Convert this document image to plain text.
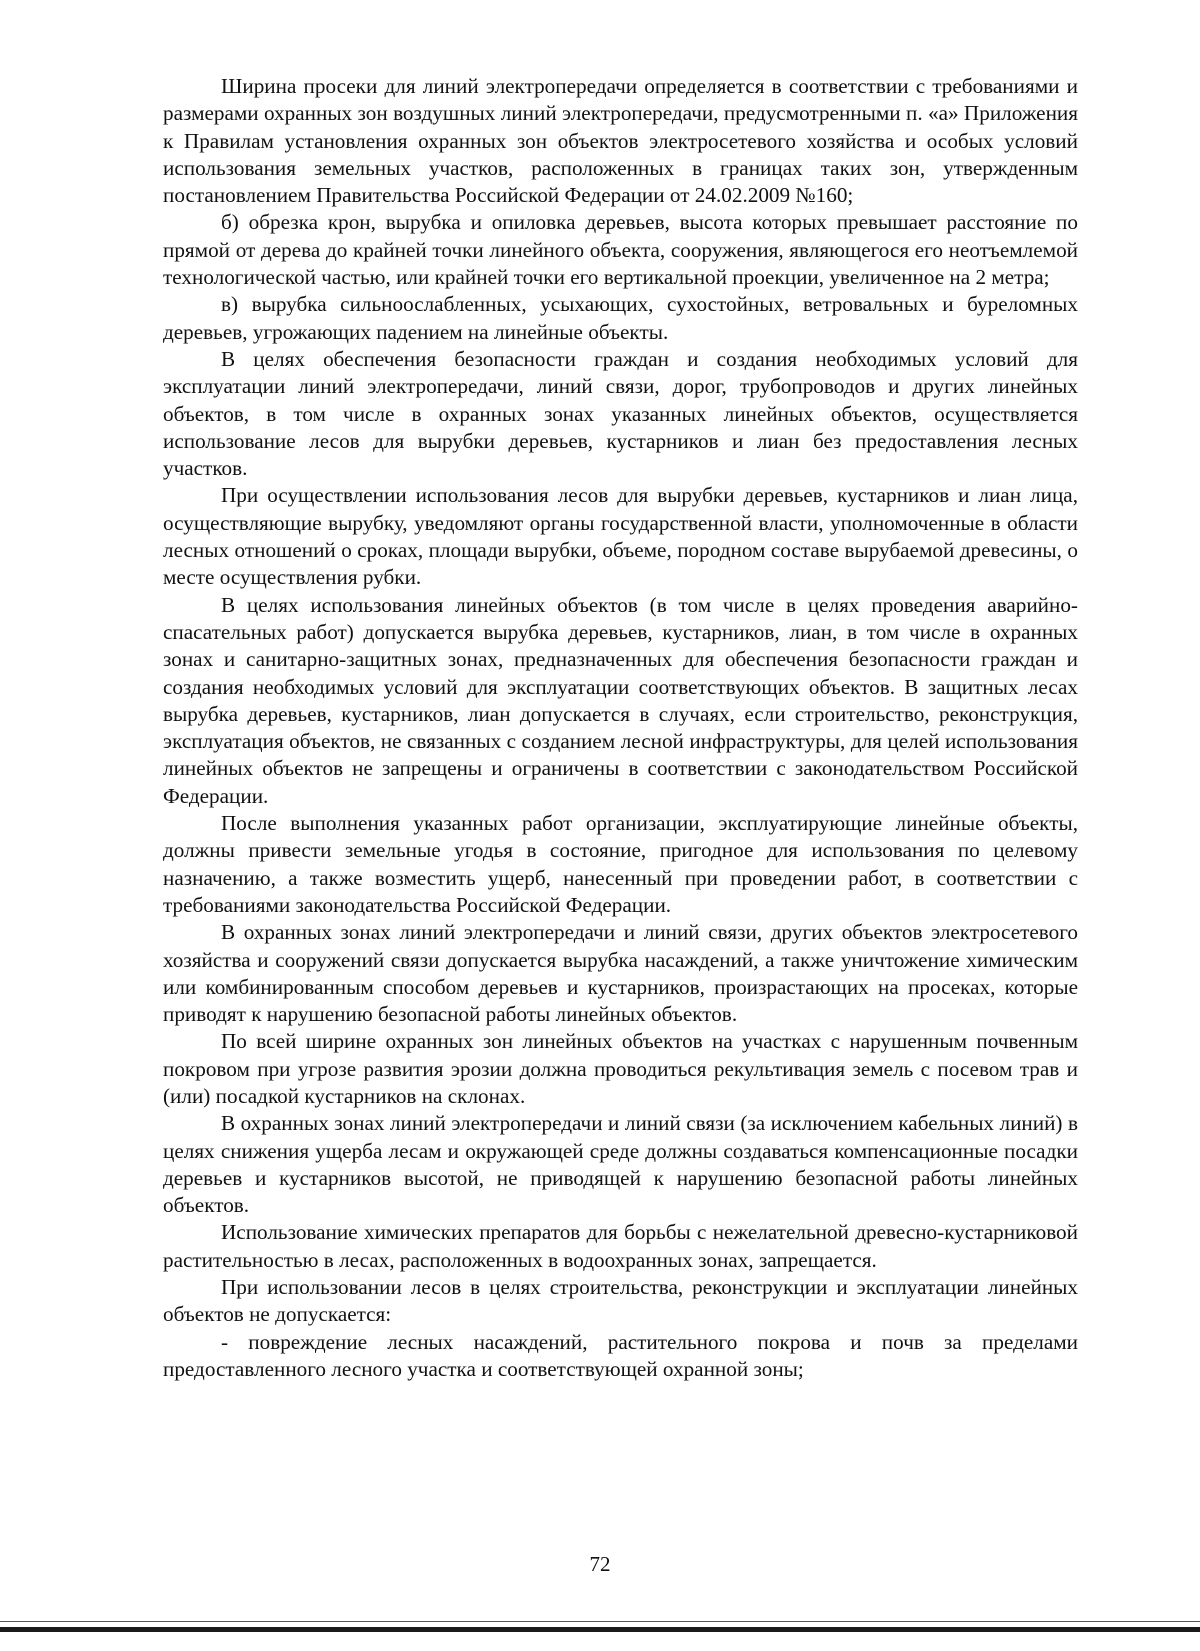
Ширина просеки для линий электропередачи определяется в соответствии с требованиями и размерами охранных зон воздушных линий электропередачи, предусмотренными п. «а» Приложения к Правилам установления охранных зон объектов электросетевого хозяйства и особых условий использования земельных участков, расположенных в границах таких зон, утвержденным постановлением Правительства Российской Федерации от 24.02.2009 №160;

б) обрезка крон, вырубка и опиловка деревьев, высота которых превышает расстояние по прямой от дерева до крайней точки линейного объекта, сооружения, являющегося его неотъемлемой технологической частью, или крайней точки его вертикальной проекции, увеличенное на 2 метра;

в) вырубка сильноослабленных, усыхающих, сухостойных, ветровальных и буреломных деревьев, угрожающих падением на линейные объекты.

В целях обеспечения безопасности граждан и создания необходимых условий для эксплуатации линий электропередачи, линий связи, дорог, трубопроводов и других линейных объектов, в том числе в охранных зонах указанных линейных объектов, осуществляется использование лесов для вырубки деревьев, кустарников и лиан без предоставления лесных участков.

При осуществлении использования лесов для вырубки деревьев, кустарников и лиан лица, осуществляющие вырубку, уведомляют органы государственной власти, уполномоченные в области лесных отношений о сроках, площади вырубки, объеме, породном составе вырубаемой древесины, о месте осуществления рубки.

В целях использования линейных объектов (в том числе в целях проведения аварийно-спасательных работ) допускается вырубка деревьев, кустарников, лиан, в том числе в охранных зонах и санитарно-защитных зонах, предназначенных для обеспечения безопасности граждан и создания необходимых условий для эксплуатации соответствующих объектов. В защитных лесах вырубка деревьев, кустарников, лиан допускается в случаях, если строительство, реконструкция, эксплуатация объектов, не связанных с созданием лесной инфраструктуры, для целей использования линейных объектов не запрещены и ограничены в соответствии с законодательством Российской Федерации.

После выполнения указанных работ организации, эксплуатирующие линейные объекты, должны привести земельные угодья в состояние, пригодное для использования по целевому назначению, а также возместить ущерб, нанесенный при проведении работ, в соответствии с требованиями законодательства Российской Федерации.

В охранных зонах линий электропередачи и линий связи, других объектов электросетевого хозяйства и сооружений связи допускается вырубка насаждений, а также уничтожение химическим или комбинированным способом деревьев и кустарников, произрастающих на просеках, которые приводят к нарушению безопасной работы линейных объектов.

По всей ширине охранных зон линейных объектов на участках с нарушенным почвенным покровом при угрозе развития эрозии должна проводиться рекультивация земель с посевом трав и (или) посадкой кустарников на склонах.

В охранных зонах линий электропередачи и линий связи (за исключением кабельных линий) в целях снижения ущерба лесам и окружающей среде должны создаваться компенсационные посадки деревьев и кустарников высотой, не приводящей к нарушению безопасной работы линейных объектов.

Использование химических препаратов для борьбы с нежелательной древесно-кустарниковой растительностью в лесах, расположенных в водоохранных зонах, запрещается.

При использовании лесов в целях строительства, реконструкции и эксплуатации линейных объектов не допускается:

- повреждение лесных насаждений, растительного покрова и почв за пределами предоставленного лесного участка и соответствующей охранной зоны;

72
